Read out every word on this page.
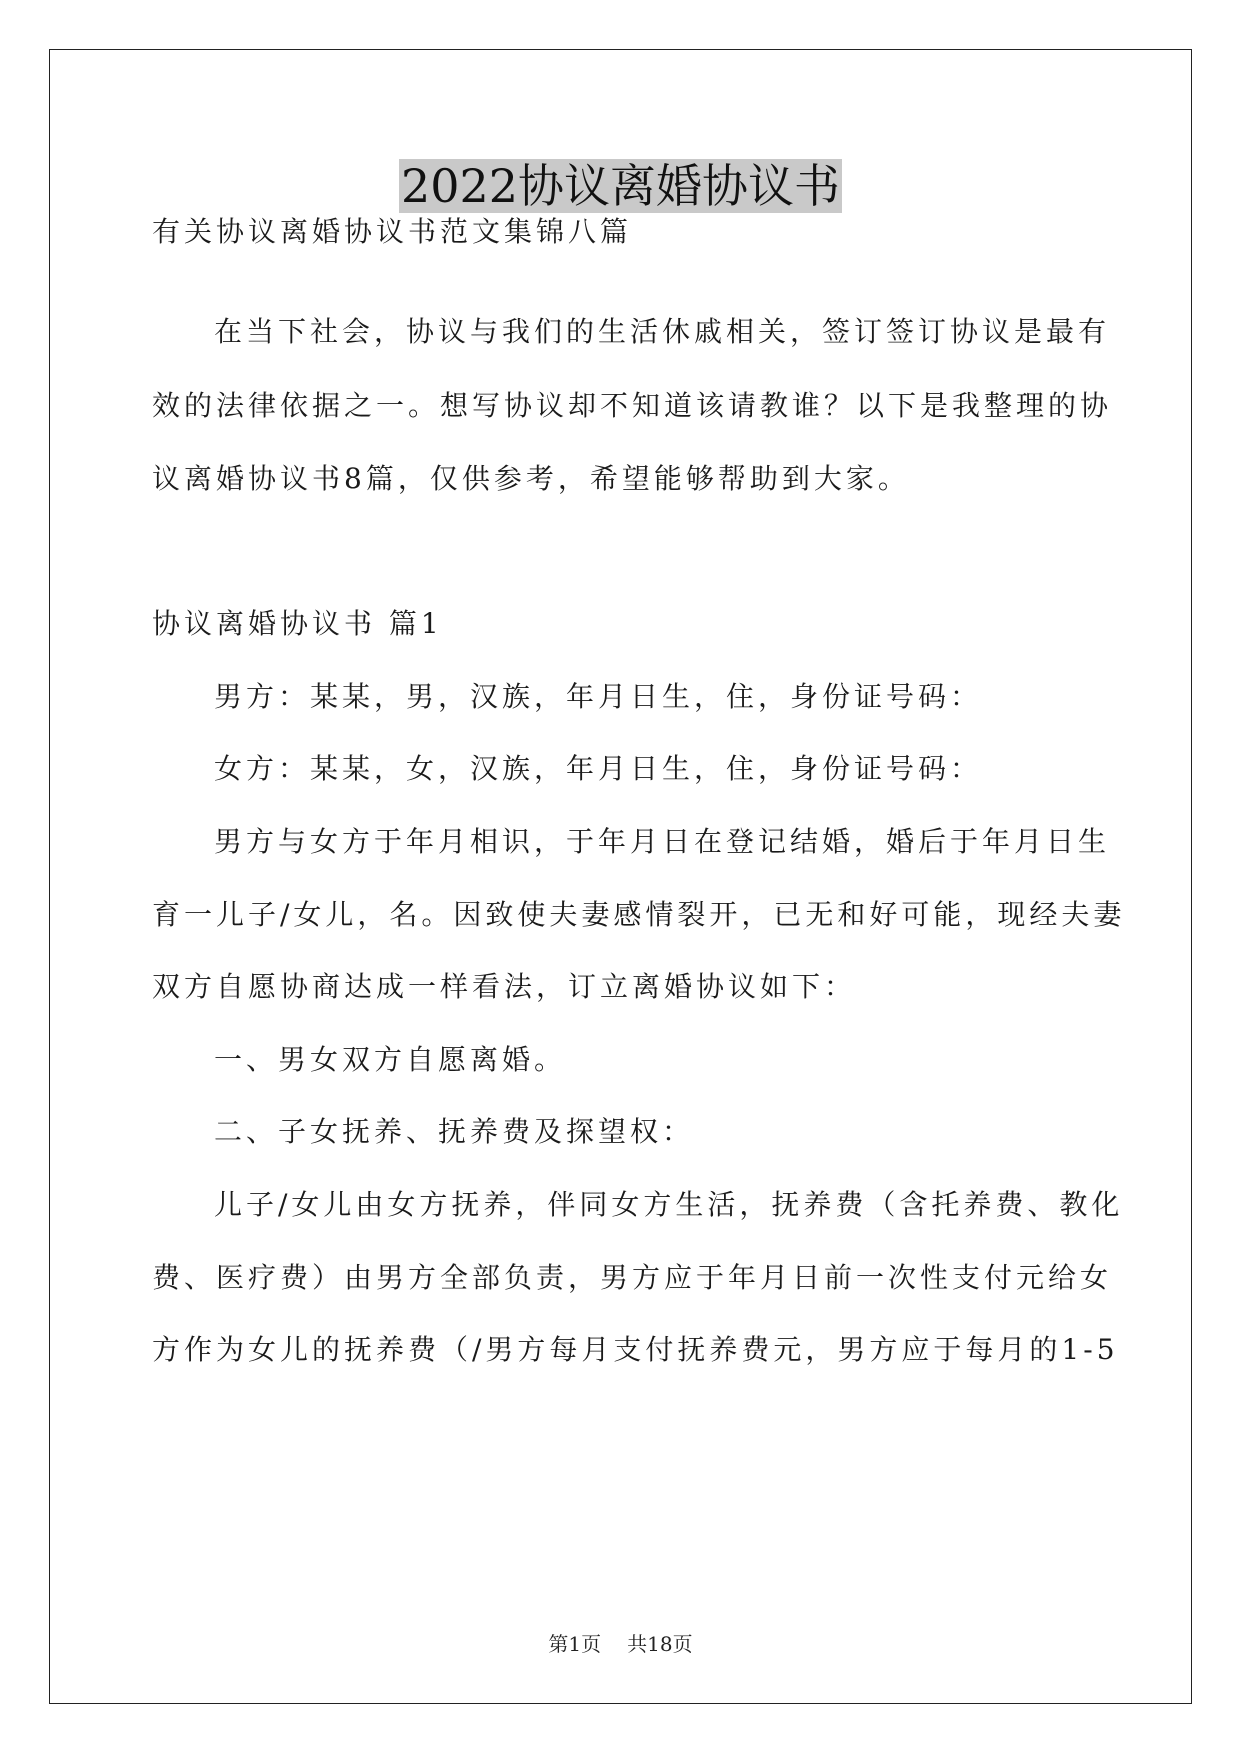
2022协议离婚协议书
有关协议离婚协议书范文集锦八篇
在当下社会，协议与我们的生活休戚相关，签订签订协议是最有
效的法律依据之一。想写协议却不知道该请教谁？以下是我整理的协
议离婚协议书8篇，仅供参考，希望能够帮助到大家。
协议离婚协议书 篇1
男方：某某，男，汉族，年月日生，住，身份证号码：
女方：某某，女，汉族，年月日生，住，身份证号码：
男方与女方于年月相识，于年月日在登记结婚，婚后于年月日生
育一儿子/女儿，名。因致使夫妻感情裂开，已无和好可能，现经夫妻
双方自愿协商达成一样看法，订立离婚协议如下：
一、男女双方自愿离婚。
二、子女抚养、抚养费及探望权：
儿子/女儿由女方抚养，伴同女方生活，抚养费（含托养费、教化
费、医疗费）由男方全部负责，男方应于年月日前一次性支付元给女
方作为女儿的抚养费（/男方每月支付抚养费元，男方应于每月的1-5
第1页 共18页
